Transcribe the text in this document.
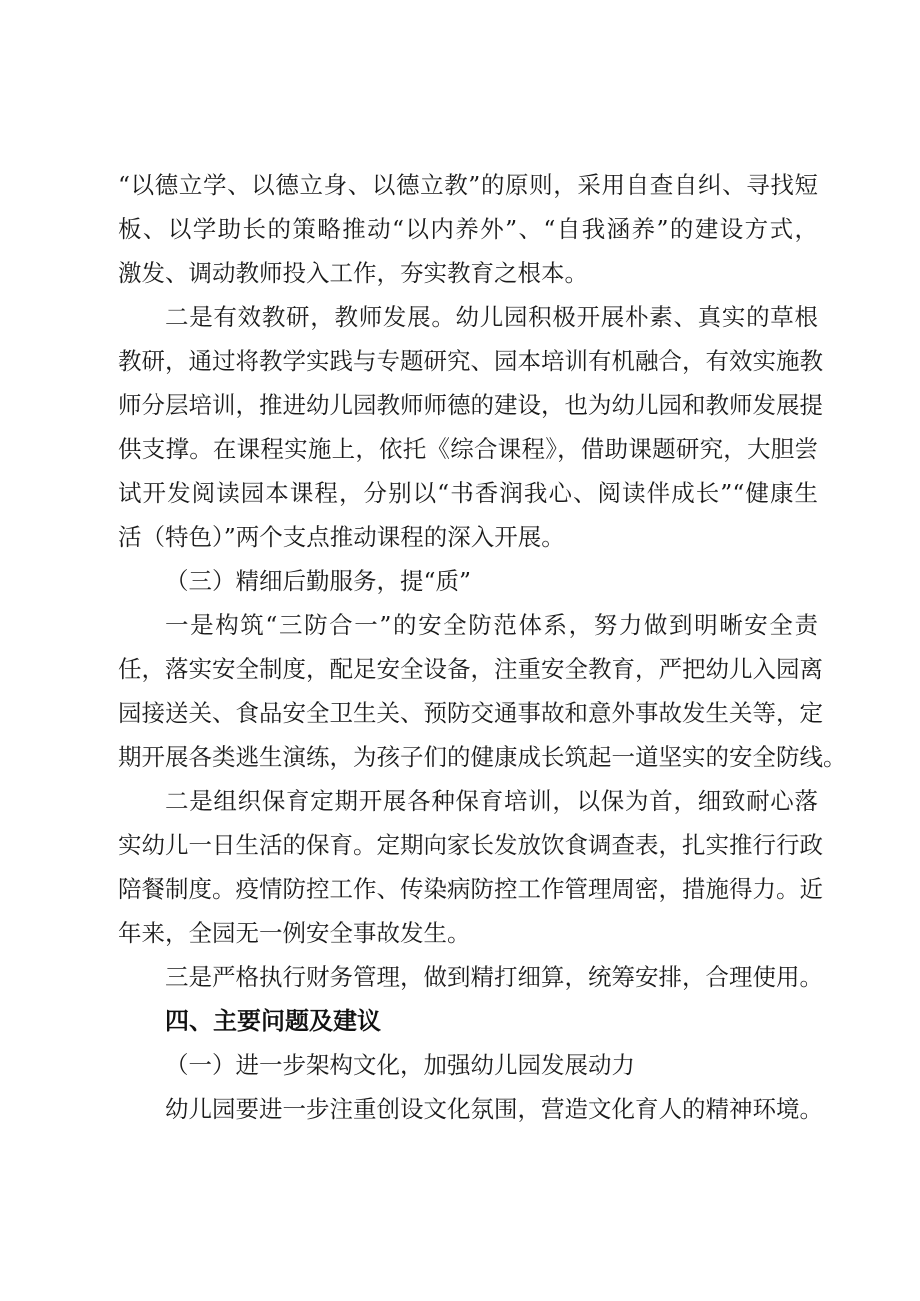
“以德立学、以德立身、以德立教”的原则，采用自查自纠、寻找短
板、以学助长的策略推动“以内养外”、“自我涵养”的建设方式，
激发、调动教师投入工作，夯实教育之根本。
二是有效教研，教师发展。幼儿园积极开展朴素、真实的草根
教研，通过将教学实践与专题研究、园本培训有机融合，有效实施教
师分层培训，推进幼儿园教师师德的建设，也为幼儿园和教师发展提
供支撑。在课程实施上，依托《综合课程》，借助课题研究，大胆尝
试开发阅读园本课程，分别以“书香润我心、阅读伴成长”“健康生
活（特色）”两个支点推动课程的深入开展。
（三）精细后勤服务，提“质”
一是构筑“三防合一”的安全防范体系，努力做到明晰安全责
任，落实安全制度，配足安全设备，注重安全教育，严把幼儿入园离
园接送关、食品安全卫生关、预防交通事故和意外事故发生关等，定
期开展各类逃生演练，为孩子们的健康成长筑起一道坚实的安全防线。
二是组织保育定期开展各种保育培训，以保为首，细致耐心落
实幼儿一日生活的保育。定期向家长发放饮食调查表，扎实推行行政
陪餐制度。疫情防控工作、传染病防控工作管理周密，措施得力。近
年来，全园无一例安全事故发生。
三是严格执行财务管理，做到精打细算，统筹安排，合理使用。
四、主要问题及建议
（一）进一步架构文化，加强幼儿园发展动力
幼儿园要进一步注重创设文化氛围，营造文化育人的精神环境。
